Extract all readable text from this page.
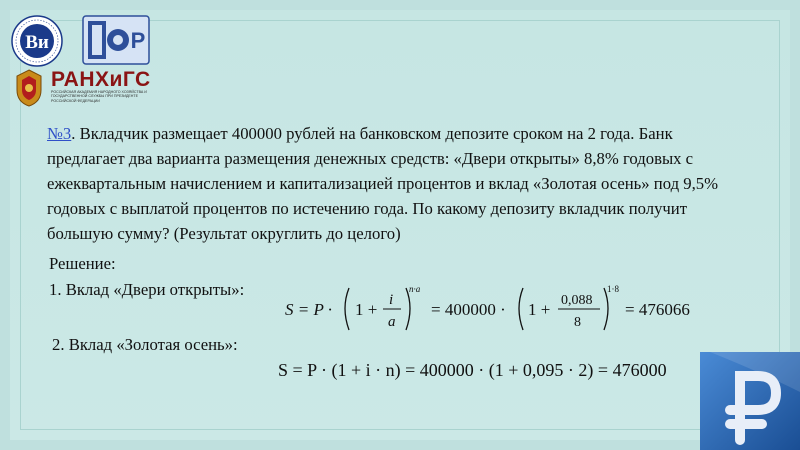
Ви	P
РАНХиГС
РОССИЙСКАЯ АКАДЕМИЯ НАРОДНОГО ХОЗЯЙСТВА И ГОСУДАРСТВЕННОЙ СЛУЖБЫ ПРИ ПРЕЗИДЕНТЕ РОССИЙСКОЙ ФЕДЕРАЦИИ

№3. Вкладчик размещает 400000 рублей на банковском депозите сроком на 2 года. Банк предлагает два варианта размещения денежных средств: «Двери открыты» 8,8% годовых с ежеквартальным начислением и капитализацией процентов и вклад «Золотая осень» под 9,5% годовых с выплатой процентов по истечению года. По какому депозиту вкладчик получит большую сумму? (Результат округлить до целого)

Решение:
1. Вклад «Двери открыты»:
S = P · 1 + i
a
n·a
= 400000 · 1 + 0,088
8
1·8
= 476066
2. Вклад «Золотая осень»:
S = P · (1 + i · n) = 400000 · (1 + 0,095 · 2) = 476000
